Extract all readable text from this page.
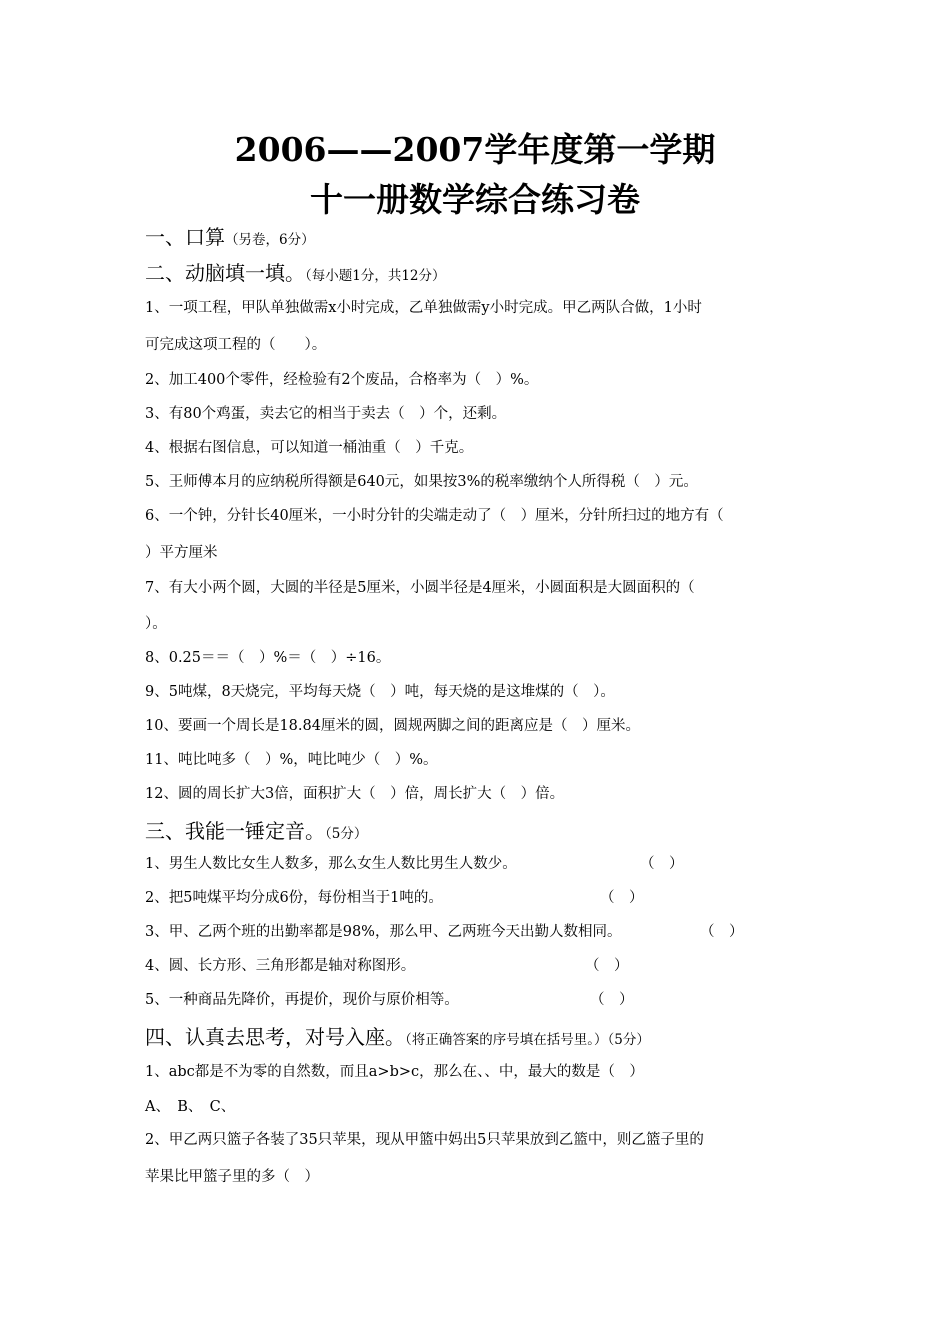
2006——2007学年度第一学期
十一册数学综合练习卷
一、口算（另卷，6分）
二、动脑填一填。（每小题1分，共12分）
1、一项工程，甲队单独做需x小时完成，乙单独做需y小时完成。甲乙两队合做，1小时
可完成这项工程的（　　）。
2、加工400个零件，经检验有2个废品，合格率为（　）%。
3、有80个鸡蛋，卖去它的相当于卖去（　）个，还剩。
4、根据右图信息，可以知道一桶油重（　）千克。
5、王师傅本月的应纳税所得额是640元，如果按3%的税率缴纳个人所得税（　）元。
6、一个钟，分针长40厘米，一小时分针的尖端走动了（　）厘米，分针所扫过的地方有（
）平方厘米
7、有大小两个圆，大圆的半径是5厘米，小圆半径是4厘米，小圆面积是大圆面积的（
）。
8、0.25＝＝（　）%＝（　）÷16。
9、5吨煤，8天烧完，平均每天烧（　）吨，每天烧的是这堆煤的（　）。
10、要画一个周长是18.84厘米的圆，圆规两脚之间的距离应是（　）厘米。
11、吨比吨多（　）%，吨比吨少（　）%。
12、圆的周长扩大3倍，面积扩大（　）倍，周长扩大（　）倍。
三、我能一锤定音。（5分）
1、男生人数比女生人数多，那么女生人数比男生人数少。	（　）
2、把5吨煤平均分成6份，每份相当于1吨的。	（　）
3、甲、乙两个班的出勤率都是98%，那么甲、乙两班今天出勤人数相同。	（　）
4、圆、长方形、三角形都是轴对称图形。	（　）
5、一种商品先降价，再提价，现价与原价相等。	（　）
四、认真去思考，对号入座。（将正确答案的序号填在括号里。）（5分）
1、abc都是不为零的自然数，而且a>b>c，那么在、、中，最大的数是（　）
A、　B、　C、
2、甲乙两只篮子各装了35只苹果，现从甲篮中妈出5只苹果放到乙篮中，则乙篮子里的
苹果比甲篮子里的多（　）
